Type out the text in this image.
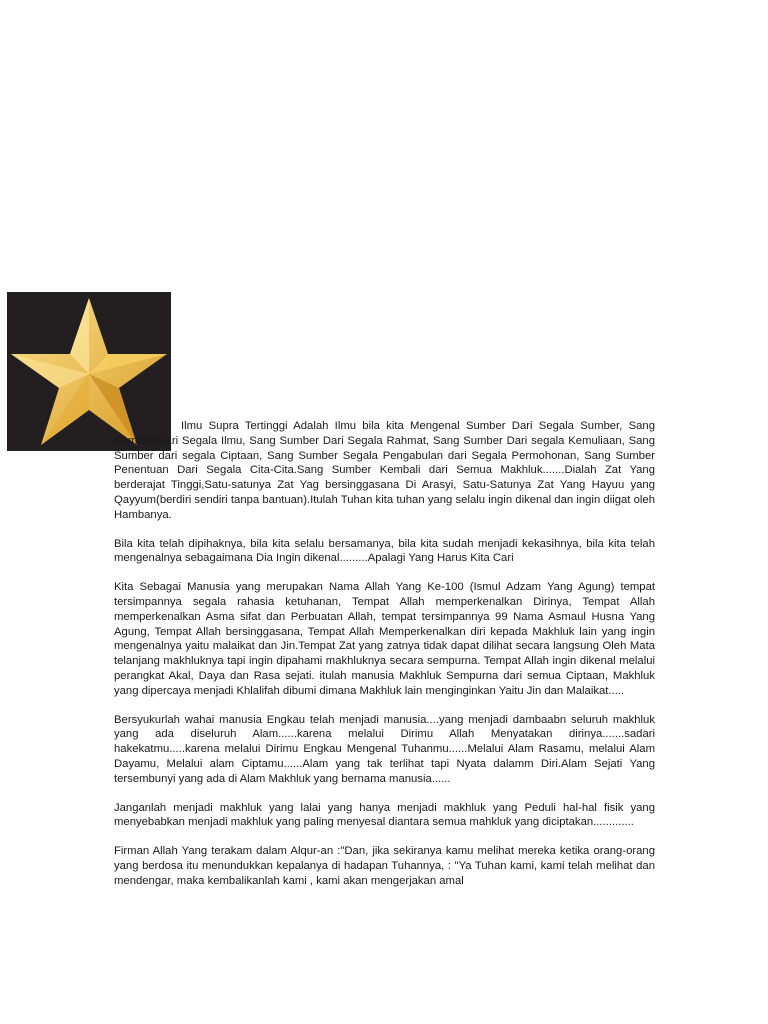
Ilmu Supra Tertinggi Adalah Ilmu bila kita Mengenal Sumber Dari Segala Sumber, Sang Sumber Dari Segala Ilmu, Sang Sumber Dari Segala Rahmat, Sang Sumber Dari segala Kemuliaan, Sang Sumber dari segala Ciptaan, Sang Sumber Segala Pengabulan dari Segala Permohonan, Sang Sumber Penentuan Dari Segala Cita-Cita.Sang Sumber Kembali dari Semua Makhluk.......Dialah Zat Yang berderajat Tinggi,Satu-satunya Zat Yag bersinggasana Di Arasyi, Satu-Satunya Zat Yang Hayuu yang Qayyum(berdiri sendiri tanpa bantuan).Itulah Tuhan kita tuhan yang selalu ingin dikenal dan ingin diigat oleh Hambanya.

Bila kita telah dipihaknya, bila kita selalu bersamanya, bila kita sudah menjadi kekasihnya, bila kita telah mengenalnya sebagaimana Dia Ingin dikenal.........Apalagi Yang Harus Kita Cari

Kita Sebagai Manusia yang merupakan Nama Allah Yang Ke-100 (Ismul Adzam Yang Agung) tempat tersimpannya segala rahasia ketuhanan, Tempat Allah memperkenalkan Dirinya, Tempat Allah memperkenalkan Asma sifat dan Perbuatan Allah, tempat tersimpannya 99 Nama Asmaul Husna Yang Agung, Tempat Allah bersinggasana, Tempat Allah Memperkenalkan diri kepada Makhluk lain yang ingin mengenalnya yaitu malaikat dan Jin.Tempat Zat yang zatnya tidak dapat dilihat secara langsung Oleh Mata telanjang makhluknya tapi ingin dipahami makhluknya secara sempurna. Tempat Allah ingin dikenal melalui perangkat Akal, Daya dan Rasa sejati. itulah manusia Makhluk Sempurna dari semua Ciptaan, Makhluk yang dipercaya menjadi Khlalifah dibumi dimana Makhluk lain menginginkan Yaitu Jin dan Malaikat.....

Bersyukurlah wahai manusia Engkau telah menjadi manusia....yang menjadi dambaabn seluruh makhluk yang ada diseluruh Alam......karena melalui Dirimu Allah Menyatakan dirinya.......sadari hakekatmu.....karena melalui Dirimu Engkau Mengenal Tuhanmu......Melalui Alam Rasamu, melalui Alam Dayamu, Melalui alam Ciptamu......Alam yang tak terlihat tapi Nyata dalamm Diri.Alam Sejati Yang tersembunyi yang ada di Alam Makhluk yang bernama manusia......

Janganlah menjadi makhluk yang lalai yang hanya menjadi makhluk yang Peduli hal-hal fisik yang menyebabkan menjadi makhluk yang paling menyesal diantara semua mahkluk yang diciptakan.............

Firman Allah Yang terakam dalam Alqur-an :"Dan, jika sekiranya kamu melihat mereka ketika orang-orang yang berdosa itu menundukkan kepalanya di hadapan Tuhannya, : "Ya Tuhan kami, kami telah melihat dan mendengar, maka kembalikanlah kami , kami akan mengerjakan amal
